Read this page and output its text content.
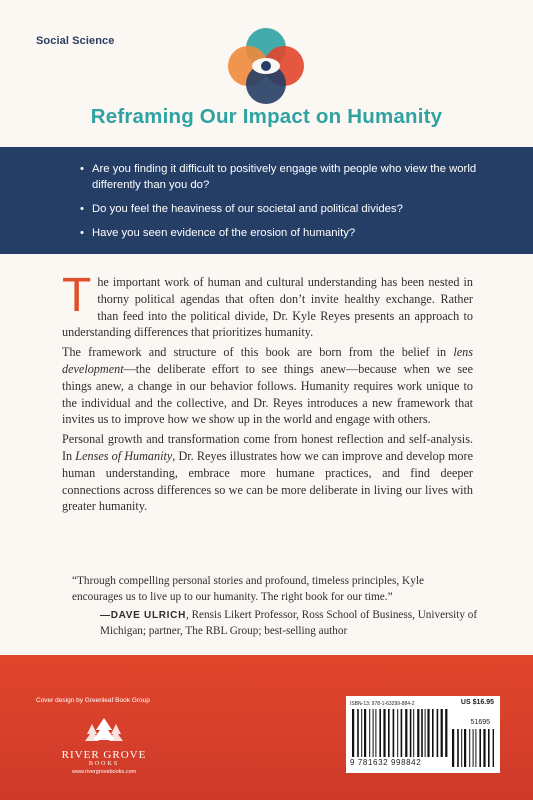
Social Science
Reframing Our Impact on Humanity
• Are you finding it difficult to positively engage with people who view the world differently than you do?
• Do you feel the heaviness of our societal and political divides?
• Have you seen evidence of the erosion of humanity?

The important work of human and cultural understanding has been nested in thorny political agendas that often don’t invite healthy exchange. Rather than feed into the political divide, Dr. Kyle Reyes presents an approach to understanding differences that prioritizes humanity.

The framework and structure of this book are born from the belief in lens development—the deliberate effort to see things anew—because when we see things anew, a change in our behavior follows. Humanity requires work unique to the individual and the collective, and Dr. Reyes introduces a new framework that invites us to improve how we show up in the world and engage with others.

Personal growth and transformation come from honest reflection and self-analysis. In Lenses of Humanity, Dr. Reyes illustrates how we can improve and develop more human understanding, embrace more humane practices, and find deeper connections across differences so we can be more deliberate in living our lives with greater humanity.

“Through compelling personal stories and profound, timeless principles, Kyle encourages us to live up to our humanity. The right book for our time.”

—DAVE ULRICH, Rensis Likert Professor, Ross School of Business, University of Michigan; partner, The RBL Group; best-selling author
Cover design by Greenleaf Book Group
RIVER GROVE
BOOKS
www.rivergrovebooks.com
ISBN-13: 978-1-63299-884-2	US $16.95
51695
9 781632 998842
